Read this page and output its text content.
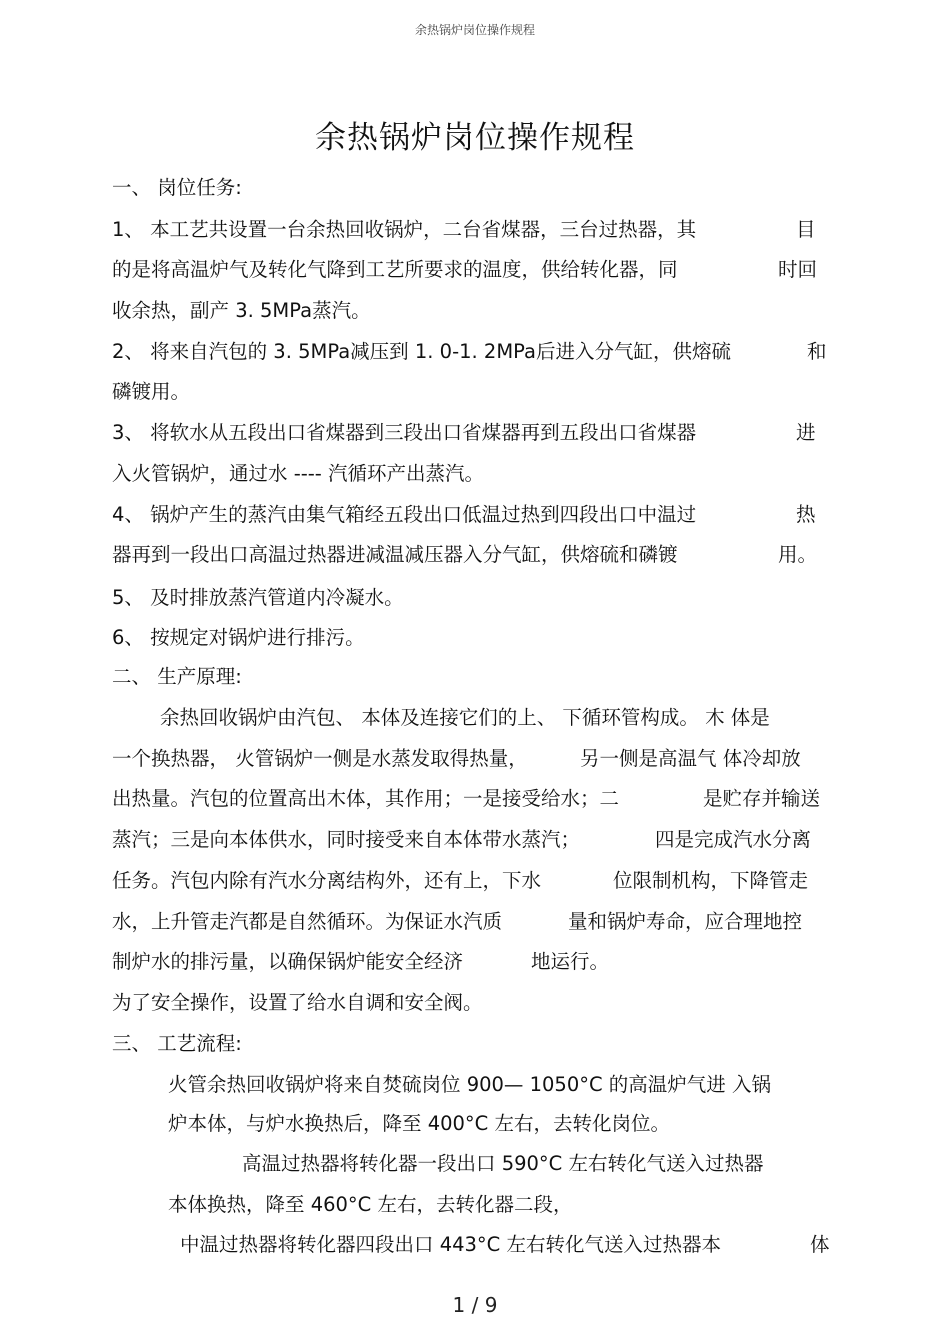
余热锅炉岗位操作规程
余热锅炉岗位操作规程
一、 岗位任务:
1、 本工艺共设置一台余热回收锅炉，二台省煤器，三台过热器，其	目
的是将高温炉气及转化气降到工艺所要求的温度，供给转化器，同	时回
收余热，副产 3. 5MPa蒸汽。
2、 将来自汽包的 3. 5MPa减压到 1. 0-1. 2MPa后进入分气缸，供熔硫	和
磷镀用。
3、 将软水从五段出口省煤器到三段出口省煤器再到五段出口省煤器	进
入火管锅炉，通过水 ---- 汽循环产出蒸汽。
4、 锅炉产生的蒸汽由集气箱经五段出口低温过热到四段出口中温过	热
器再到一段出口高温过热器进减温减压器入分气缸，供熔硫和磷镀	用。
5、 及时排放蒸汽管道内冷凝水。
6、 按规定对锅炉进行排污。
二、 生产原理:
余热回收锅炉由汽包、 本体及连接它们的上、 下循环管构成。 木 体是
一个换热器， 火管锅炉一侧是水蒸发取得热量，	另一侧是高温气 体冷却放
出热量。汽包的位置高出木体，其作用；一是接受给水；二	是贮存并输送
蒸汽；三是向本体供水，同时接受来自本体带水蒸汽；	四是完成汽水分离
任务。汽包内除有汽水分离结构外，还有上，下水	位限制机构，下降管走
水，上升管走汽都是自然循环。为保证水汽质	量和锅炉寿命，应合理地控
制炉水的排污量，以确保锅炉能安全经济	地运行。
为了安全操作，设置了给水自调和安全阀。
三、 工艺流程:
火管余热回收锅炉将来自焚硫岗位 900— 1050°C 的高温炉气进 入锅
炉本体，与炉水换热后，降至 400°C 左右，去转化岗位。
高温过热器将转化器一段出口 590°C 左右转化气送入过热器
本体换热，降至 460°C 左右，去转化器二段，
中温过热器将转化器四段出口 443°C 左右转化气送入过热器本	体
1 / 9
